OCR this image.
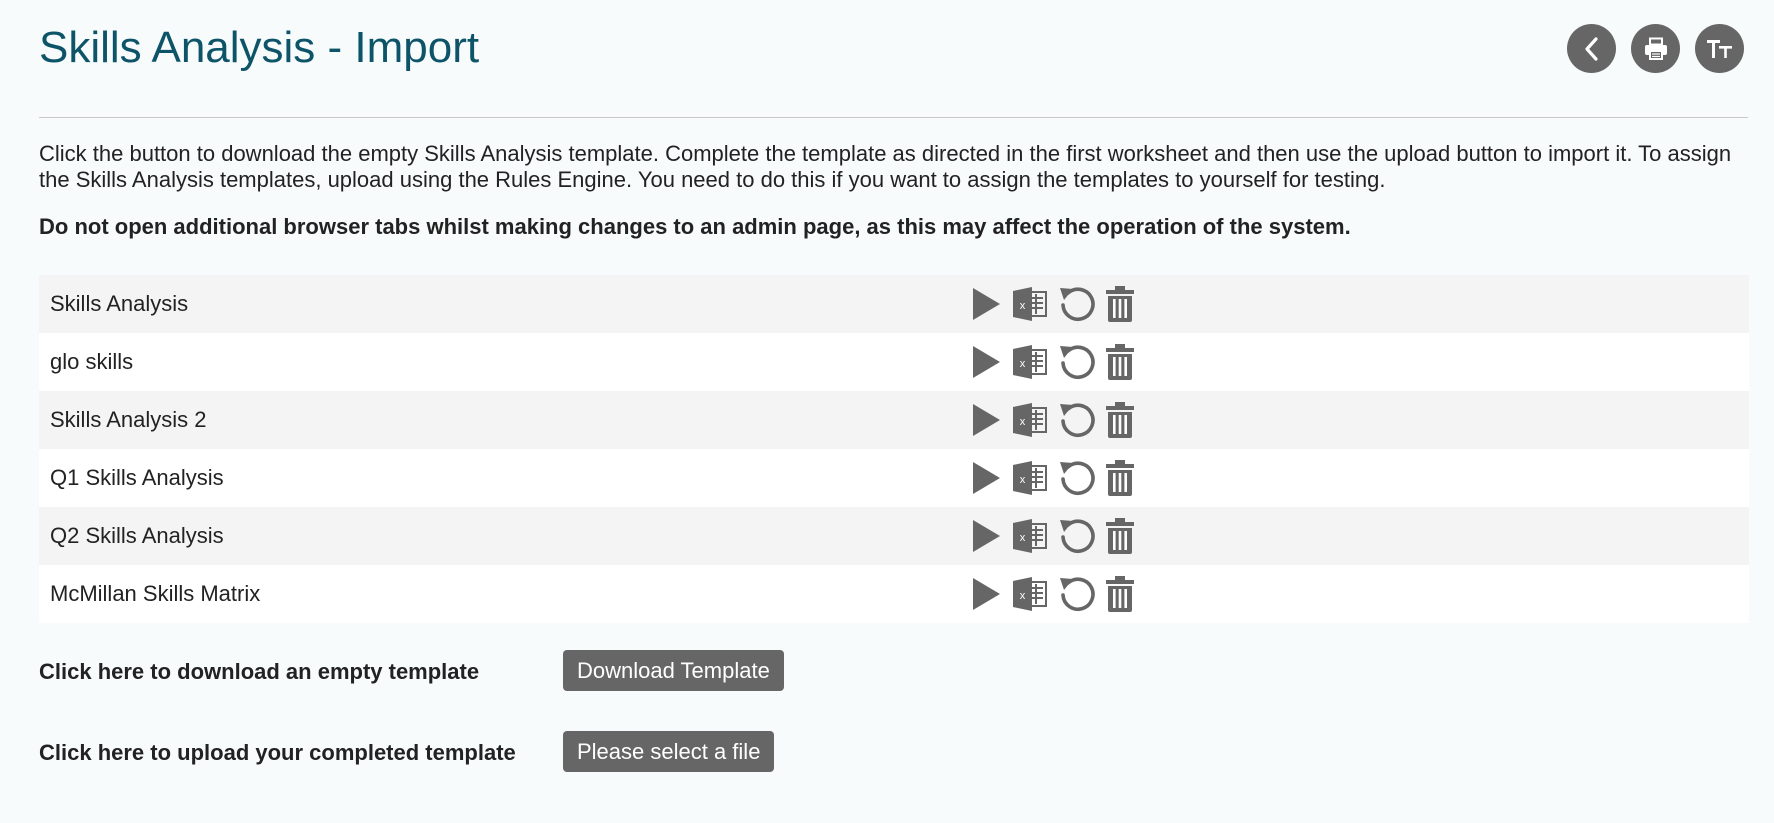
Skills Analysis - Import

Click the button to download the empty Skills Analysis template. Complete the template as directed in the first worksheet and then use the upload button to import it. To assign the Skills Analysis templates, upload using the Rules Engine. You need to do this if you want to assign the templates to yourself for testing.

Do not open additional browser tabs whilst making changes to an admin page, as this may affect the operation of the system.

Skills Analysis	x
glo skills	x
Skills Analysis 2	x
Q1 Skills Analysis	x
Q2 Skills Analysis	x
McMillan Skills Matrix	x
Click here to download an empty template	Download Template
Click here to upload your completed template	Please select a file
